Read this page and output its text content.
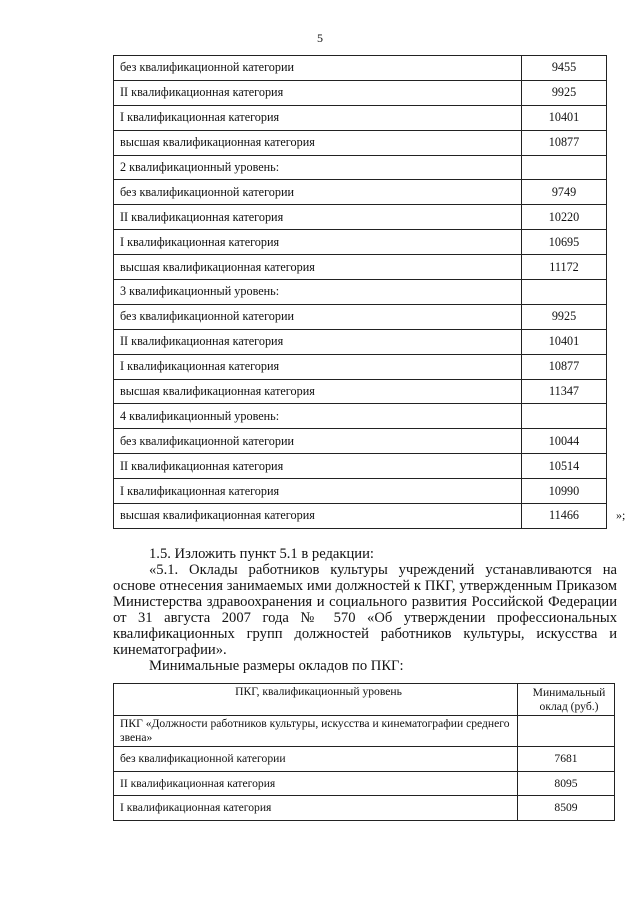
5
без квалификационной категории	9455
II квалификационная категория	9925
I квалификационная категория	10401
высшая квалификационная категория	10877
2 квалификационный уровень:	
без квалификационной категории	9749
II квалификационная категория	10220
I квалификационная категория	10695
высшая квалификационная категория	11172
3 квалификационный уровень:	
без квалификационной категории	9925
II квалификационная категория	10401
I квалификационная категория	10877
высшая квалификационная категория	11347
4 квалификационный уровень:	
без квалификационной категории	10044
II квалификационная категория	10514
I квалификационная категория	10990
высшая квалификационная категория	11466	»;

1.5. Изложить пункт 5.1 в редакции:

«5.1. Оклады работников культуры учреждений устанавливаются на основе отнесения занимаемых ими должностей к ПКГ, утвержденным Приказом Министерства здравоохранения и социального развития Российской Федерации от 31 августа 2007 года № 570 «Об утверждении профессиональных квалификационных групп должностей работников культуры, искусства и кинематографии».

Минимальные размеры окладов по ПКГ:

ПКГ, квалификационный уровень	Минимальный оклад (руб.)
ПКГ «Должности работников культуры, искусства и кинематографии среднего звена»	
без квалификационной категории	7681
II квалификационная категория	8095
I квалификационная категория	8509
